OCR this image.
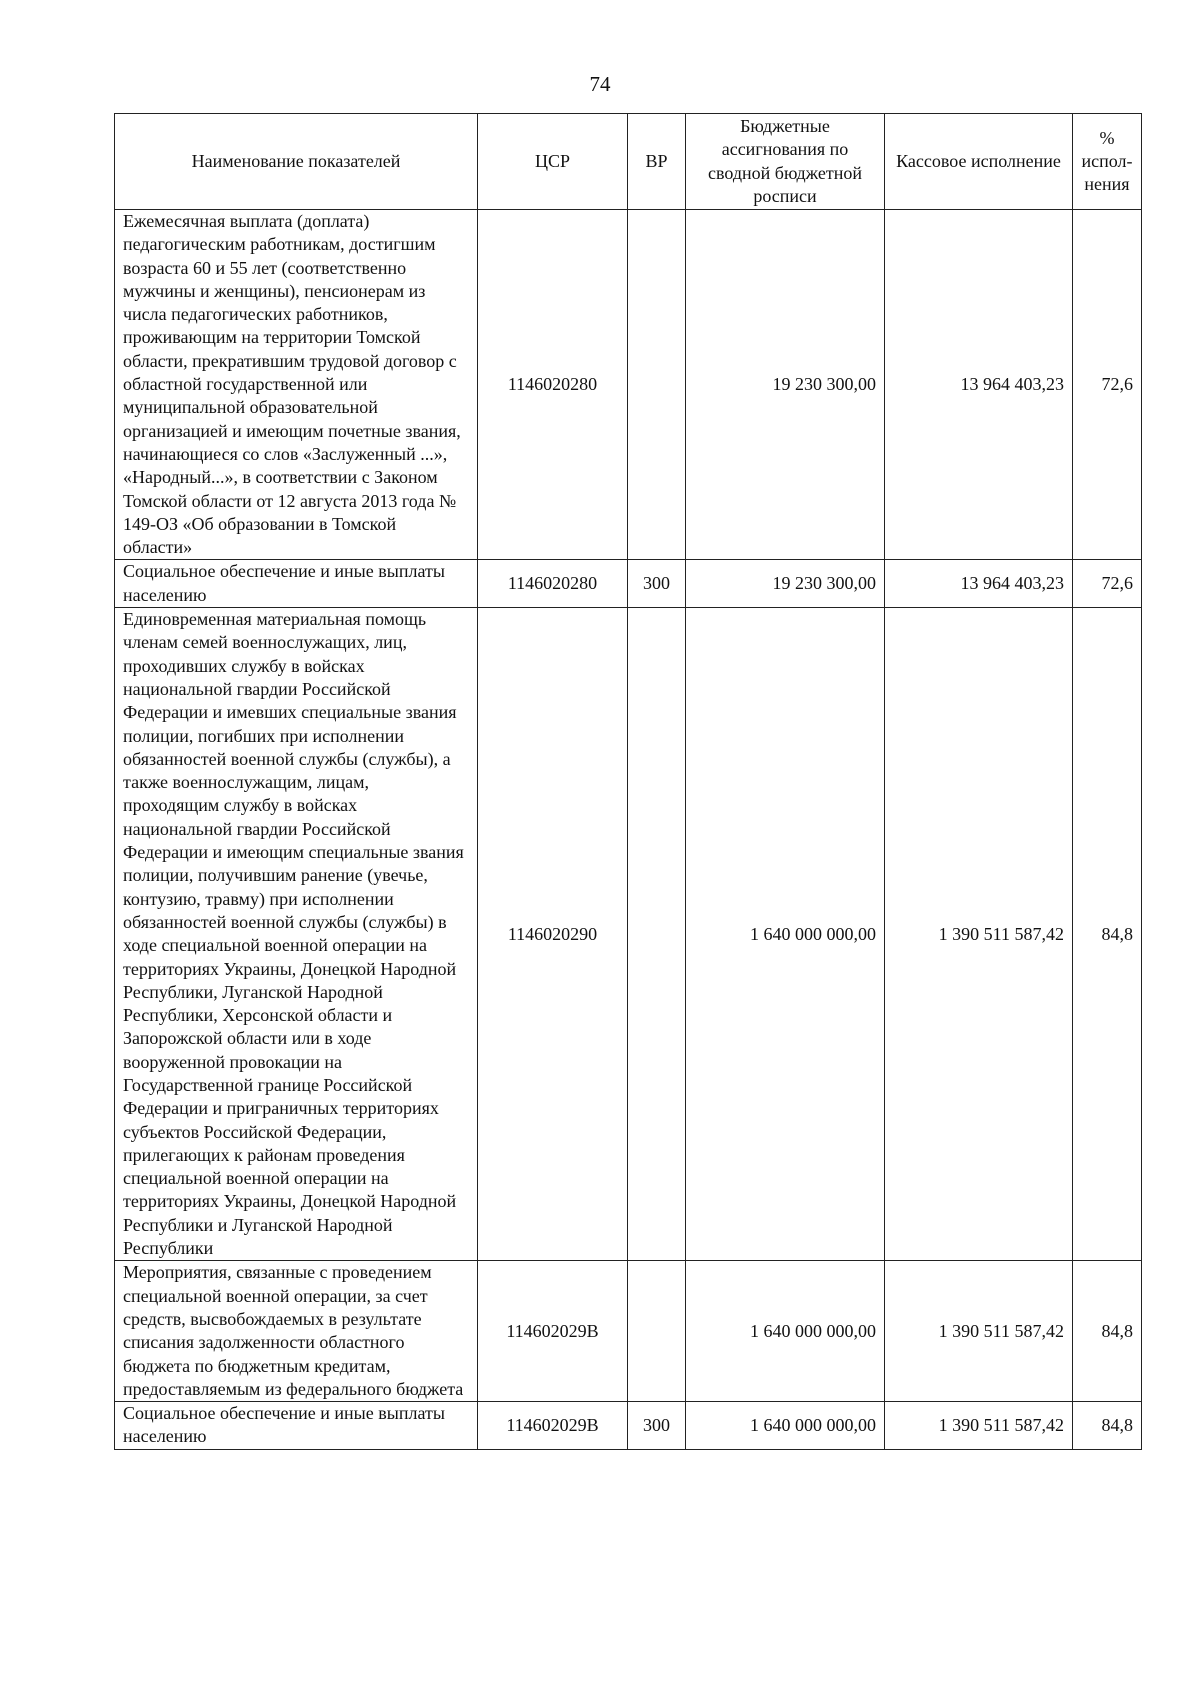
74
Наименование показателей	ЦСР	ВР	Бюджетные ассигнования по сводной бюджетной росписи	Кассовое исполнение	% испол-нения
Ежемесячная выплата (доплата) педагогическим работникам, достигшим возраста 60 и 55 лет (соответственно мужчины и женщины), пенсионерам из числа педагогических работников, проживающим на территории Томской области, прекратившим трудовой договор с областной государственной или муниципальной образовательной организацией и имеющим почетные звания, начинающиеся со слов «Заслуженный ...», «Народный...», в соответствии с Законом Томской области от 12 августа 2013 года № 149-ОЗ «Об образовании в Томской области»	1146020280		19 230 300,00	13 964 403,23	72,6
Социальное обеспечение и иные выплаты населению	1146020280	300	19 230 300,00	13 964 403,23	72,6
Единовременная материальная помощь членам семей военнослужащих, лиц, проходивших службу в войсках национальной гвардии Российской Федерации и имевших специальные звания полиции, погибших при исполнении обязанностей военной службы (службы), а также военнослужащим, лицам, проходящим службу в войсках национальной гвардии Российской Федерации и имеющим специальные звания полиции, получившим ранение (увечье, контузию, травму) при исполнении обязанностей военной службы (службы) в ходе специальной военной операции на территориях Украины, Донецкой Народной Республики, Луганской Народной Республики, Херсонской области и Запорожской области или в ходе вооруженной провокации на Государственной границе Российской Федерации и приграничных территориях субъектов Российской Федерации, прилегающих к районам проведения специальной военной операции на территориях Украины, Донецкой Народной Республики и Луганской Народной Республики	1146020290		1 640 000 000,00	1 390 511 587,42	84,8
Мероприятия, связанные с проведением специальной военной операции, за счет средств, высвобождаемых в результате списания задолженности областного бюджета по бюджетным кредитам, предоставляемым из федерального бюджета	114602029В		1 640 000 000,00	1 390 511 587,42	84,8
Социальное обеспечение и иные выплаты населению	114602029В	300	1 640 000 000,00	1 390 511 587,42	84,8
